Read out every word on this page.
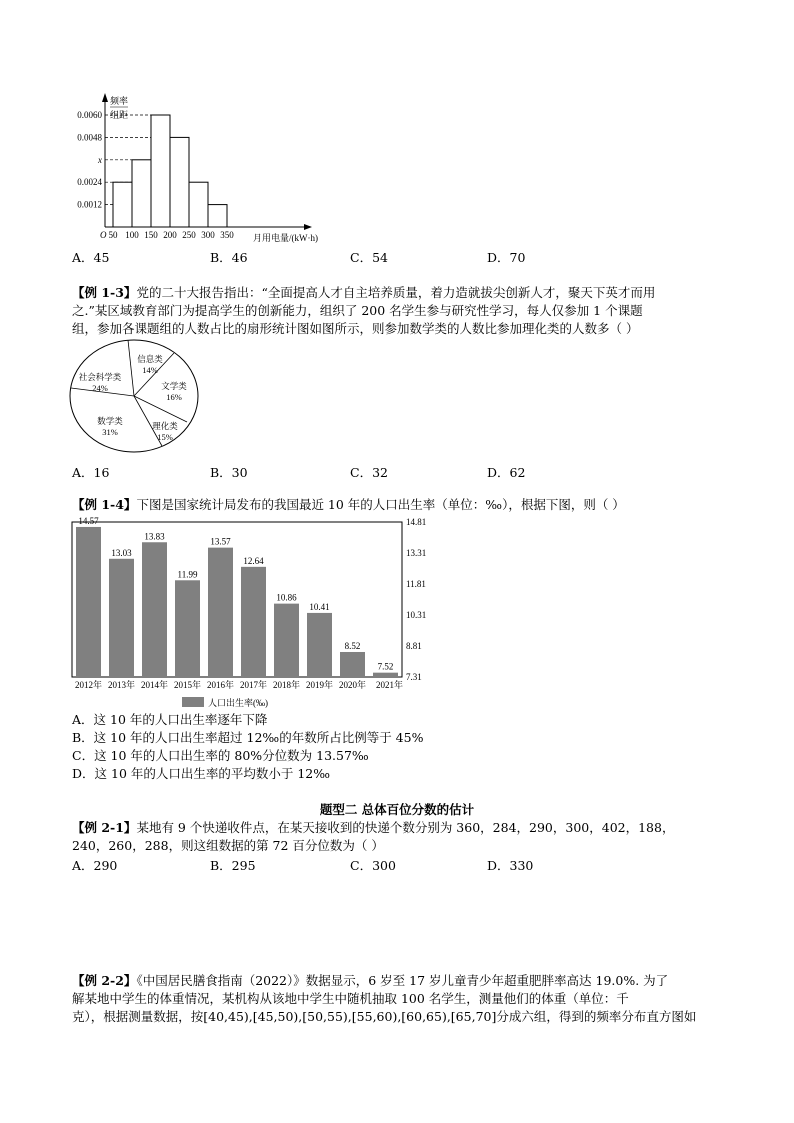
频率
组距
O	月用电量/(kW·h)
0.0060
0.0048
x
0.0024
0.0012
50 100 150 200 250 300 350
A．45	B．46	C．54	D．70
【例 1-3】党的二十大报告指出：“全面提高人才自主培养质量，着力造就拔尖创新人才，聚天下英才而用
之.”某区域教育部门为提高学生的创新能力，组织了 200 名学生参与研究性学习，每人仅参加 1 个课题
组，参加各课题组的人数占比的扇形统计图如图所示，则参加数学类的人数比参加理化类的人数多（ ）
信息类
14%
文学类
16%
理化类
15%
数学类
31%
社会科学类
24%
A．16	B．30	C．32	D．62
【例 1-4】下图是国家统计局发布的我国最近 10 年的人口出生率（单位：‰），根据下图，则（ ）
14.57
13.03
13.83
11.99
13.57
12.64
10.86
10.41
8.52
7.52
14.81
13.31
11.81
10.31
8.81
7.31
2012年 2013年 2014年 2015年 2016年 2017年 2018年 2019年 2020年 2021年
人口出生率(‰)
A．这 10 年的人口出生率逐年下降
B．这 10 年的人口出生率超过 12‰的年数所占比例等于 45%
C．这 10 年的人口出生率的 80%分位数为 13.57‰
D．这 10 年的人口出生率的平均数小于 12‰
题型二 总体百位分数的估计
【例 2-1】某地有 9 个快递收件点，在某天接收到的快递个数分别为 360，284，290，300，402，188，
240，260，288，则这组数据的第 72 百分位数为（ ）
A．290	B．295	C．300	D．330
【例 2-2】《中国居民膳食指南（2022）》数据显示，6 岁至 17 岁儿童青少年超重肥胖率高达 19.0%. 为了
解某地中学生的体重情况，某机构从该地中学生中随机抽取 100 名学生，测量他们的体重（单位：千
克），根据测量数据，按[40,45),[45,50),[50,55),[55,60),[60,65),[65,70]分成六组，得到的频率分布直方图如
